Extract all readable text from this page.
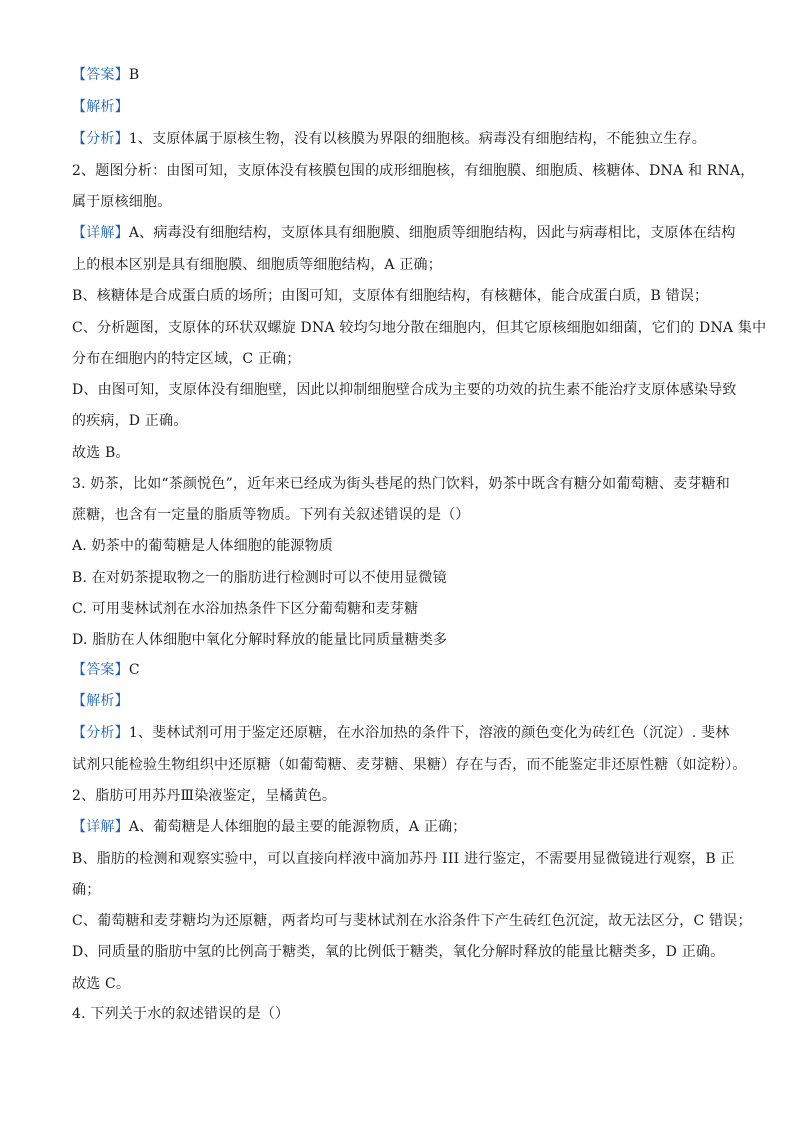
【答案】B
【解析】
【分析】1、支原体属于原核生物，没有以核膜为界限的细胞核。病毒没有细胞结构，不能独立生存。
2、题图分析：由图可知，支原体没有核膜包围的成形细胞核，有细胞膜、细胞质、核糖体、DNA 和 RNA，
属于原核细胞。
【详解】A、病毒没有细胞结构，支原体具有细胞膜、细胞质等细胞结构，因此与病毒相比，支原体在结构
上的根本区别是具有细胞膜、细胞质等细胞结构，A 正确；
B、核糖体是合成蛋白质的场所；由图可知，支原体有细胞结构，有核糖体，能合成蛋白质，B 错误；
C、分析题图，支原体的环状双螺旋 DNA 较均匀地分散在细胞内，但其它原核细胞如细菌，它们的 DNA 集中
分布在细胞内的特定区域，C 正确；
D、由图可知，支原体没有细胞壁，因此以抑制细胞壁合成为主要的功效的抗生素不能治疗支原体感染导致
的疾病，D 正确。
故选 B。
3. 奶茶，比如“茶颜悦色”，近年来已经成为街头巷尾的热门饮料，奶茶中既含有糖分如葡萄糖、麦芽糖和
蔗糖，也含有一定量的脂质等物质。下列有关叙述错误的是（）
A. 奶茶中的葡萄糖是人体细胞的能源物质
B. 在对奶茶提取物之一的脂肪进行检测时可以不使用显微镜
C. 可用斐林试剂在水浴加热条件下区分葡萄糖和麦芽糖
D. 脂肪在人体细胞中氧化分解时释放的能量比同质量糖类多
【答案】C
【解析】
【分析】1、斐林试剂可用于鉴定还原糖，在水浴加热的条件下，溶液的颜色变化为砖红色（沉淀）. 斐林
试剂只能检验生物组织中还原糖（如葡萄糖、麦芽糖、果糖）存在与否，而不能鉴定非还原性糖（如淀粉）。
2、脂肪可用苏丹Ⅲ染液鉴定，呈橘黄色。
【详解】A、葡萄糖是人体细胞的最主要的能源物质，A 正确；
B、脂肪的检测和观察实验中，可以直接向样液中滴加苏丹 III 进行鉴定，不需要用显微镜进行观察，B 正
确；
C、葡萄糖和麦芽糖均为还原糖，两者均可与斐林试剂在水浴条件下产生砖红色沉淀，故无法区分，C 错误；
D、同质量的脂肪中氢的比例高于糖类，氧的比例低于糖类，氧化分解时释放的能量比糖类多，D 正确。
故选 C。
4. 下列关于水的叙述错误的是（）
